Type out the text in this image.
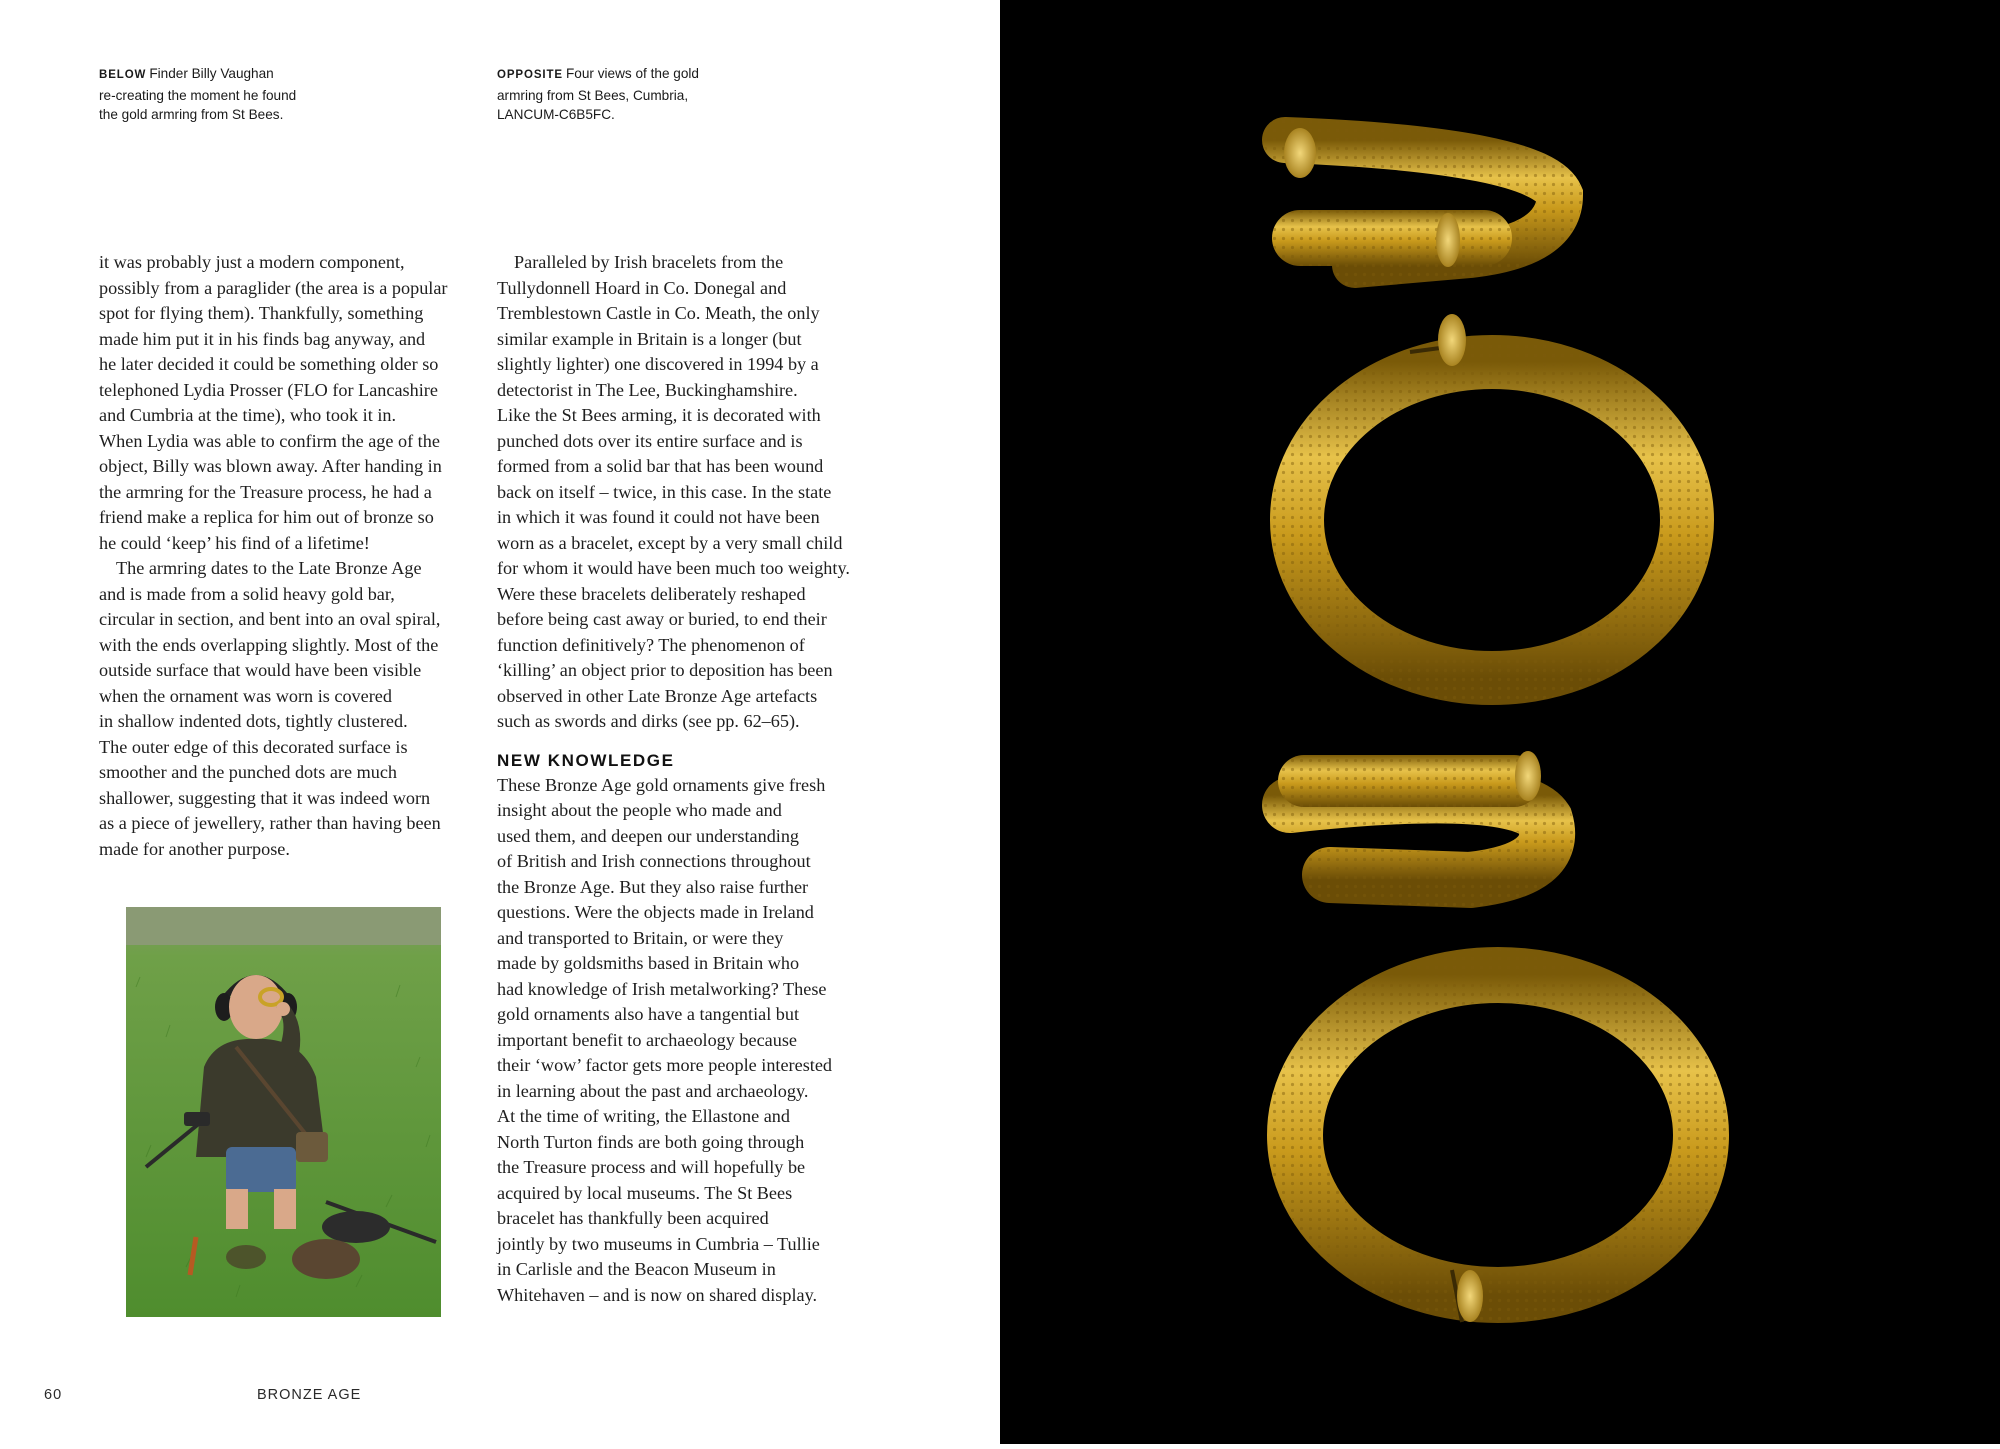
BELOW Finder Billy Vaughan
re-creating the moment he found
the gold armring from St Bees.
OPPOSITE Four views of the gold
armring from St Bees, Cumbria,
LANCUM-C6B5FC.

it was probably just a modern component,

possibly from a paraglider (the area is a popular

spot for flying them). Thankfully, something

made him put it in his finds bag anyway, and

he later decided it could be something older so

telephoned Lydia Prosser (FLO for Lancashire

and Cumbria at the time), who took it in.

When Lydia was able to confirm the age of the

object, Billy was blown away. After handing in

the armring for the Treasure process, he had a

friend make a replica for him out of bronze so

he could ‘keep’ his find of a lifetime!

The armring dates to the Late Bronze Age

and is made from a solid heavy gold bar,

circular in section, and bent into an oval spiral,

with the ends overlapping slightly. Most of the

outside surface that would have been visible

when the ornament was worn is covered

in shallow indented dots, tightly clustered.

The outer edge of this decorated surface is

smoother and the punched dots are much

shallower, suggesting that it was indeed worn

as a piece of jewellery, rather than having been

made for another purpose.

Paralleled by Irish bracelets from the

Tullydonnell Hoard in Co. Donegal and

Tremblestown Castle in Co. Meath, the only

similar example in Britain is a longer (but

slightly lighter) one discovered in 1994 by a

detectorist in The Lee, Buckinghamshire.

Like the St Bees arming, it is decorated with

punched dots over its entire surface and is

formed from a solid bar that has been wound

back on itself – twice, in this case. In the state

in which it was found it could not have been

worn as a bracelet, except by a very small child

for whom it would have been much too weighty.

Were these bracelets deliberately reshaped

before being cast away or buried, to end their

function definitively? The phenomenon of

‘killing’ an object prior to deposition has been

observed in other Late Bronze Age artefacts

such as swords and dirks (see pp. 62–65).

NEW KNOWLEDGE

These Bronze Age gold ornaments give fresh

insight about the people who made and

used them, and deepen our understanding

of British and Irish connections throughout

the Bronze Age. But they also raise further

questions. Were the objects made in Ireland

and transported to Britain, or were they

made by goldsmiths based in Britain who

had knowledge of Irish metalworking? These

gold ornaments also have a tangential but

important benefit to archaeology because

their ‘wow’ factor gets more people interested

in learning about the past and archaeology.

At the time of writing, the Ellastone and

North Turton finds are both going through

the Treasure process and will hopefully be

acquired by local museums. The St Bees

bracelet has thankfully been acquired

jointly by two museums in Cumbria – Tullie

in Carlisle and the Beacon Museum in

Whitehaven – and is now on shared display.

60	BRONZE AGE
